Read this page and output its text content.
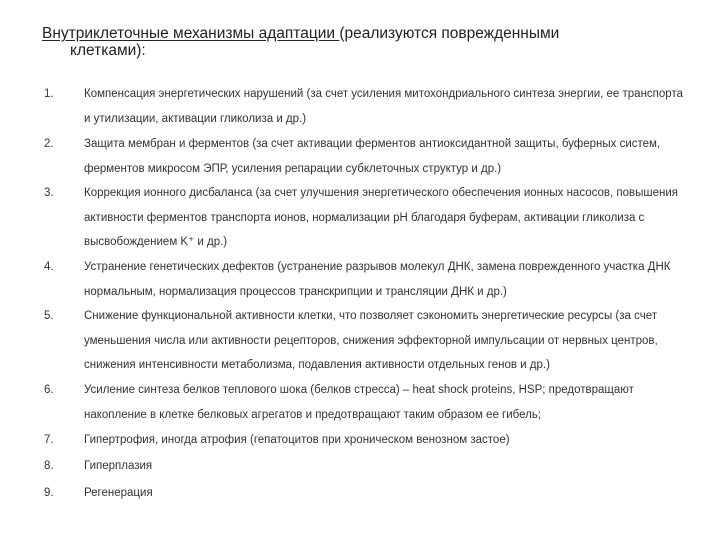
Внутриклеточные механизмы адаптации (реализуются поврежденными
клетками):
1.	Компенсация энергетических нарушений (за счет усиления митохондриального синтеза энергии, ее транспорта и утилизации, активации гликолиза и др.)
2.	Защита мембран и ферментов (за счет активации ферментов антиоксидантной защиты, буферных систем, ферментов микросом ЭПР, усиления репарации субклеточных структур и др.)
3.	Коррекция ионного дисбаланса (за счет улучшения энергетического обеспечения ионных насосов, повышения активности ферментов транспорта ионов, нормализации pH благодаря буферам, активации гликолиза с высвобождением K⁺ и др.)
4.	Устранение генетических дефектов (устранение разрывов молекул ДНК, замена поврежденного участка ДНК нормальным, нормализация процессов транскрипции и трансляции ДНК и др.)
5.	Снижение функциональной активности клетки, что позволяет сэкономить энергетические ресурсы (за счет уменьшения числа или активности рецепторов, снижения эффекторной импульсации от нервных центров, снижения интенсивности метаболизма, подавления активности отдельных генов и др.)
6.	Усиление синтеза белков теплового шока (белков стресса) – heat shock proteins, HSP; предотвращают накопление в клетке белковых агрегатов и предотвращают таким образом ее гибель;
7.	Гипертрофия, иногда атрофия (гепатоцитов при хроническом венозном застое)
8.	Гиперплазия
9.	Регенерация
